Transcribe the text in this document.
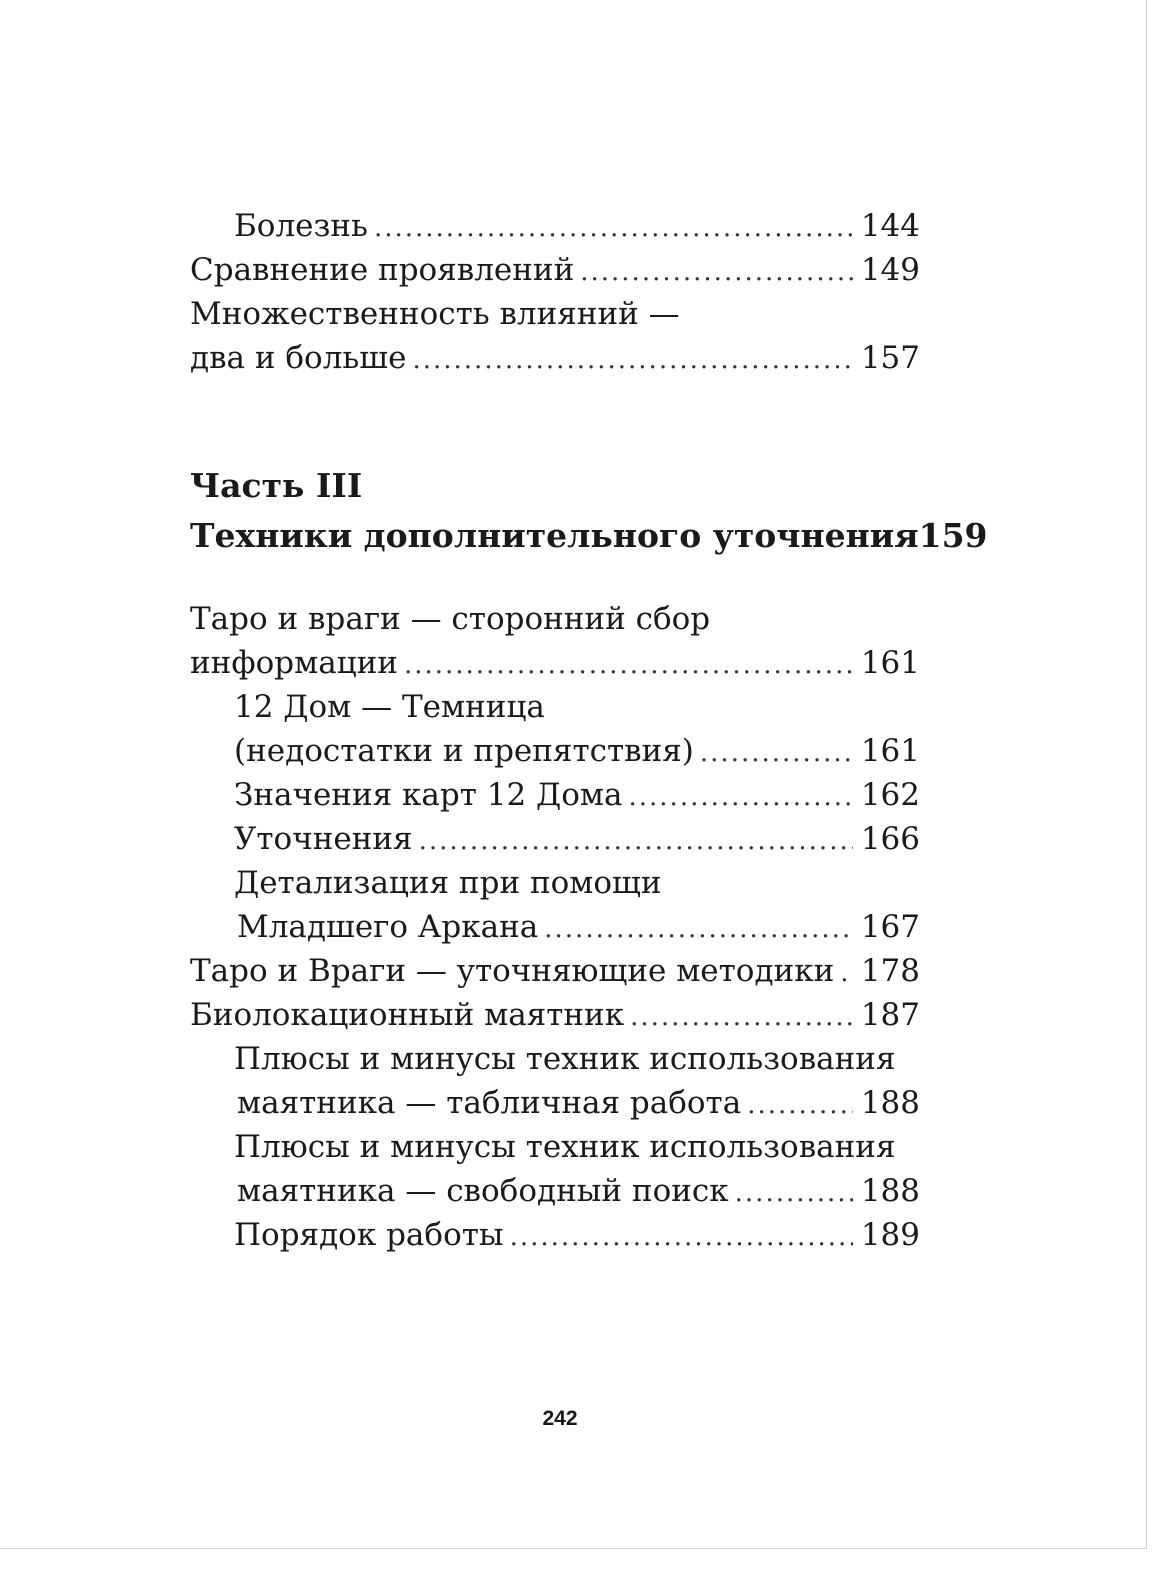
Болезнь .....	144
Сравнение проявлений .....	149
Множественность влияний —
два и больше .....	157
Часть III
Техники дополнительного уточнения 159
Таро и враги — сторонний сбор
информации .....	161
12 Дом — Темница
(недостатки и препятствия) .....	161
Значения карт 12 Дома .....	162
Уточнения .....	166
Детализация при помощи
Младшего Аркана .....	167
Таро и Враги — уточняющие методики ..... 178
Биолокационный маятник .....	187
Плюсы и минусы техник использования
маятника — табличная работа .....	188
Плюсы и минусы техник использования
маятника — свободный поиск .....	188
Порядок работы .....	189
242
